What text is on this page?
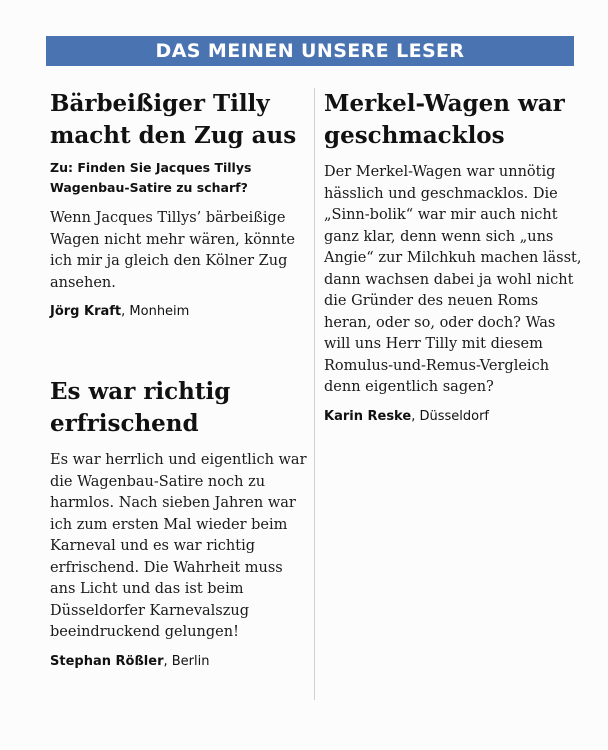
DAS MEINEN UNSERE LESER
Bärbeißiger Tilly macht den Zug aus

Zu: Finden Sie Jacques Tillys Wagenbau-Satire zu scharf?

Wenn Jacques Tillys’ bärbeißige Wagen nicht mehr wären, könnte ich mir ja gleich den Kölner Zug ansehen.

Jörg Kraft, Monheim

Es war richtig erfrischend

Es war herrlich und eigentlich war die Wagenbau-Satire noch zu harmlos. Nach sieben Jahren war ich zum ersten Mal wieder beim Karneval und es war richtig erfrischend. Die Wahrheit muss ans Licht und das ist beim Düsseldorfer Karnevalszug beeindruckend gelungen!

Stephan Rößler, Berlin

Merkel-Wagen war geschmacklos

Der Merkel-Wagen war unnötig hässlich und geschmacklos. Die „Sinn-bolik“ war mir auch nicht ganz klar, denn wenn sich „uns Angie“ zur Milchkuh machen lässt, dann wachsen dabei ja wohl nicht die Gründer des neuen Roms heran, oder so, oder doch? Was will uns Herr Tilly mit diesem Romulus-und-Remus-Vergleich denn eigentlich sagen?

Karin Reske, Düsseldorf
